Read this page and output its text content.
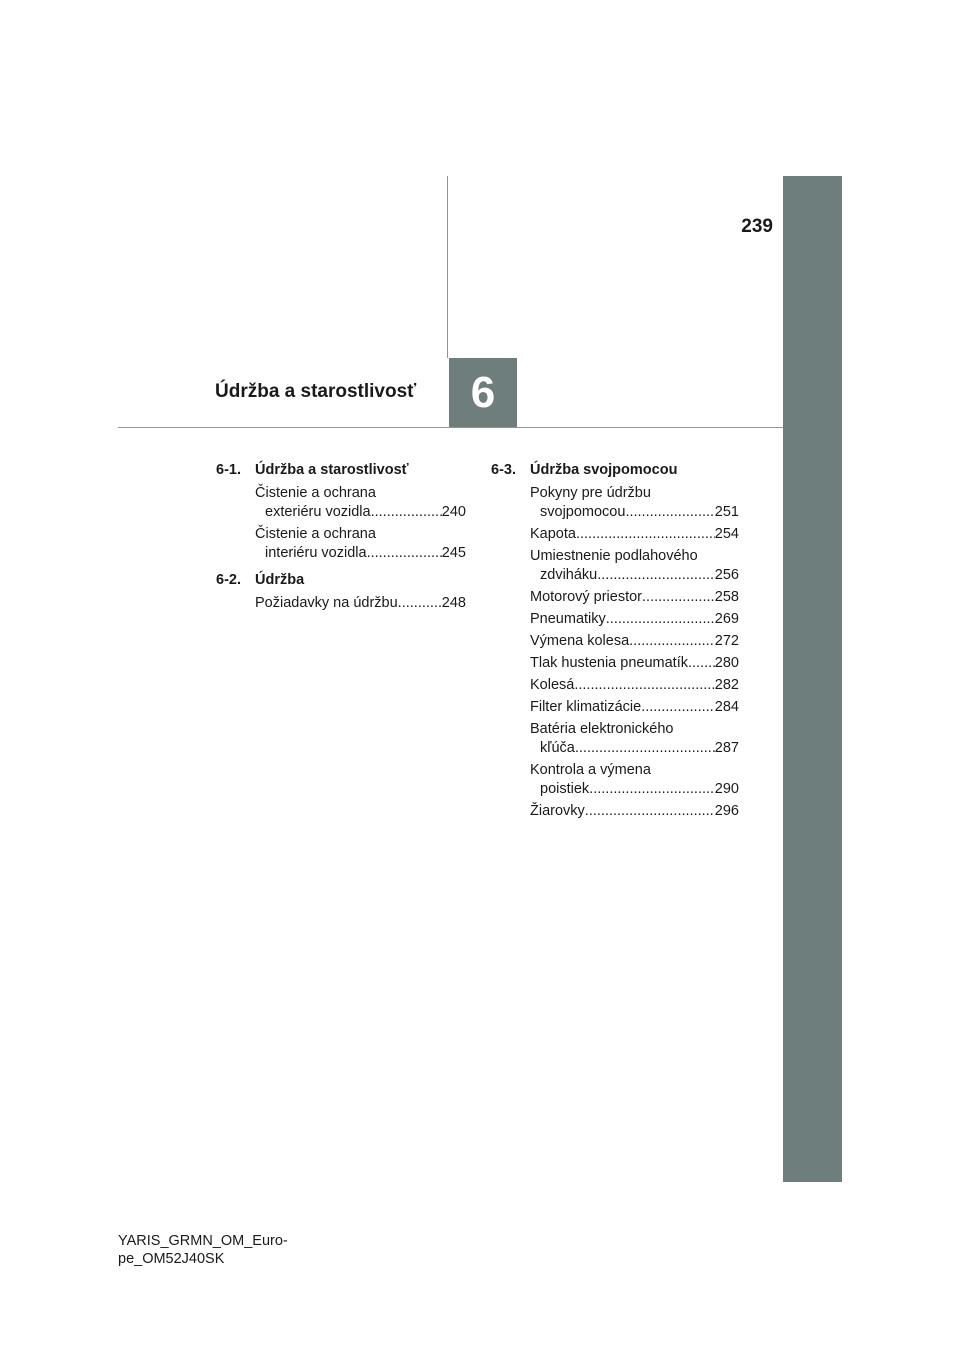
239
Údržba a starostlivosť 6
6-1. Údržba a starostlivosť
Čistenie a ochrana
exteriéru vozidla .....	240
Čistenie a ochrana
interiéru vozidla .....	245
6-2. Údržba
Požiadavky na údržbu .....	248
6-3. Údržba svojpomocou
Pokyny pre údržbu
svojpomocou .....	251
Kapota .....	254
Umiestnenie podlahového
zdviháku .....	256
Motorový priestor .....	258
Pneumatiky .....	269
Výmena kolesa .....	272
Tlak hustenia pneumatík ..... 280
Kolesá .....	282
Filter klimatizácie .....	284
Batéria elektronického
kľúča .....	287
Kontrola a výmena
poistiek .....	290
Žiarovky .....	296
YARIS_GRMN_OM_Euro-
pe_OM52J40SK
